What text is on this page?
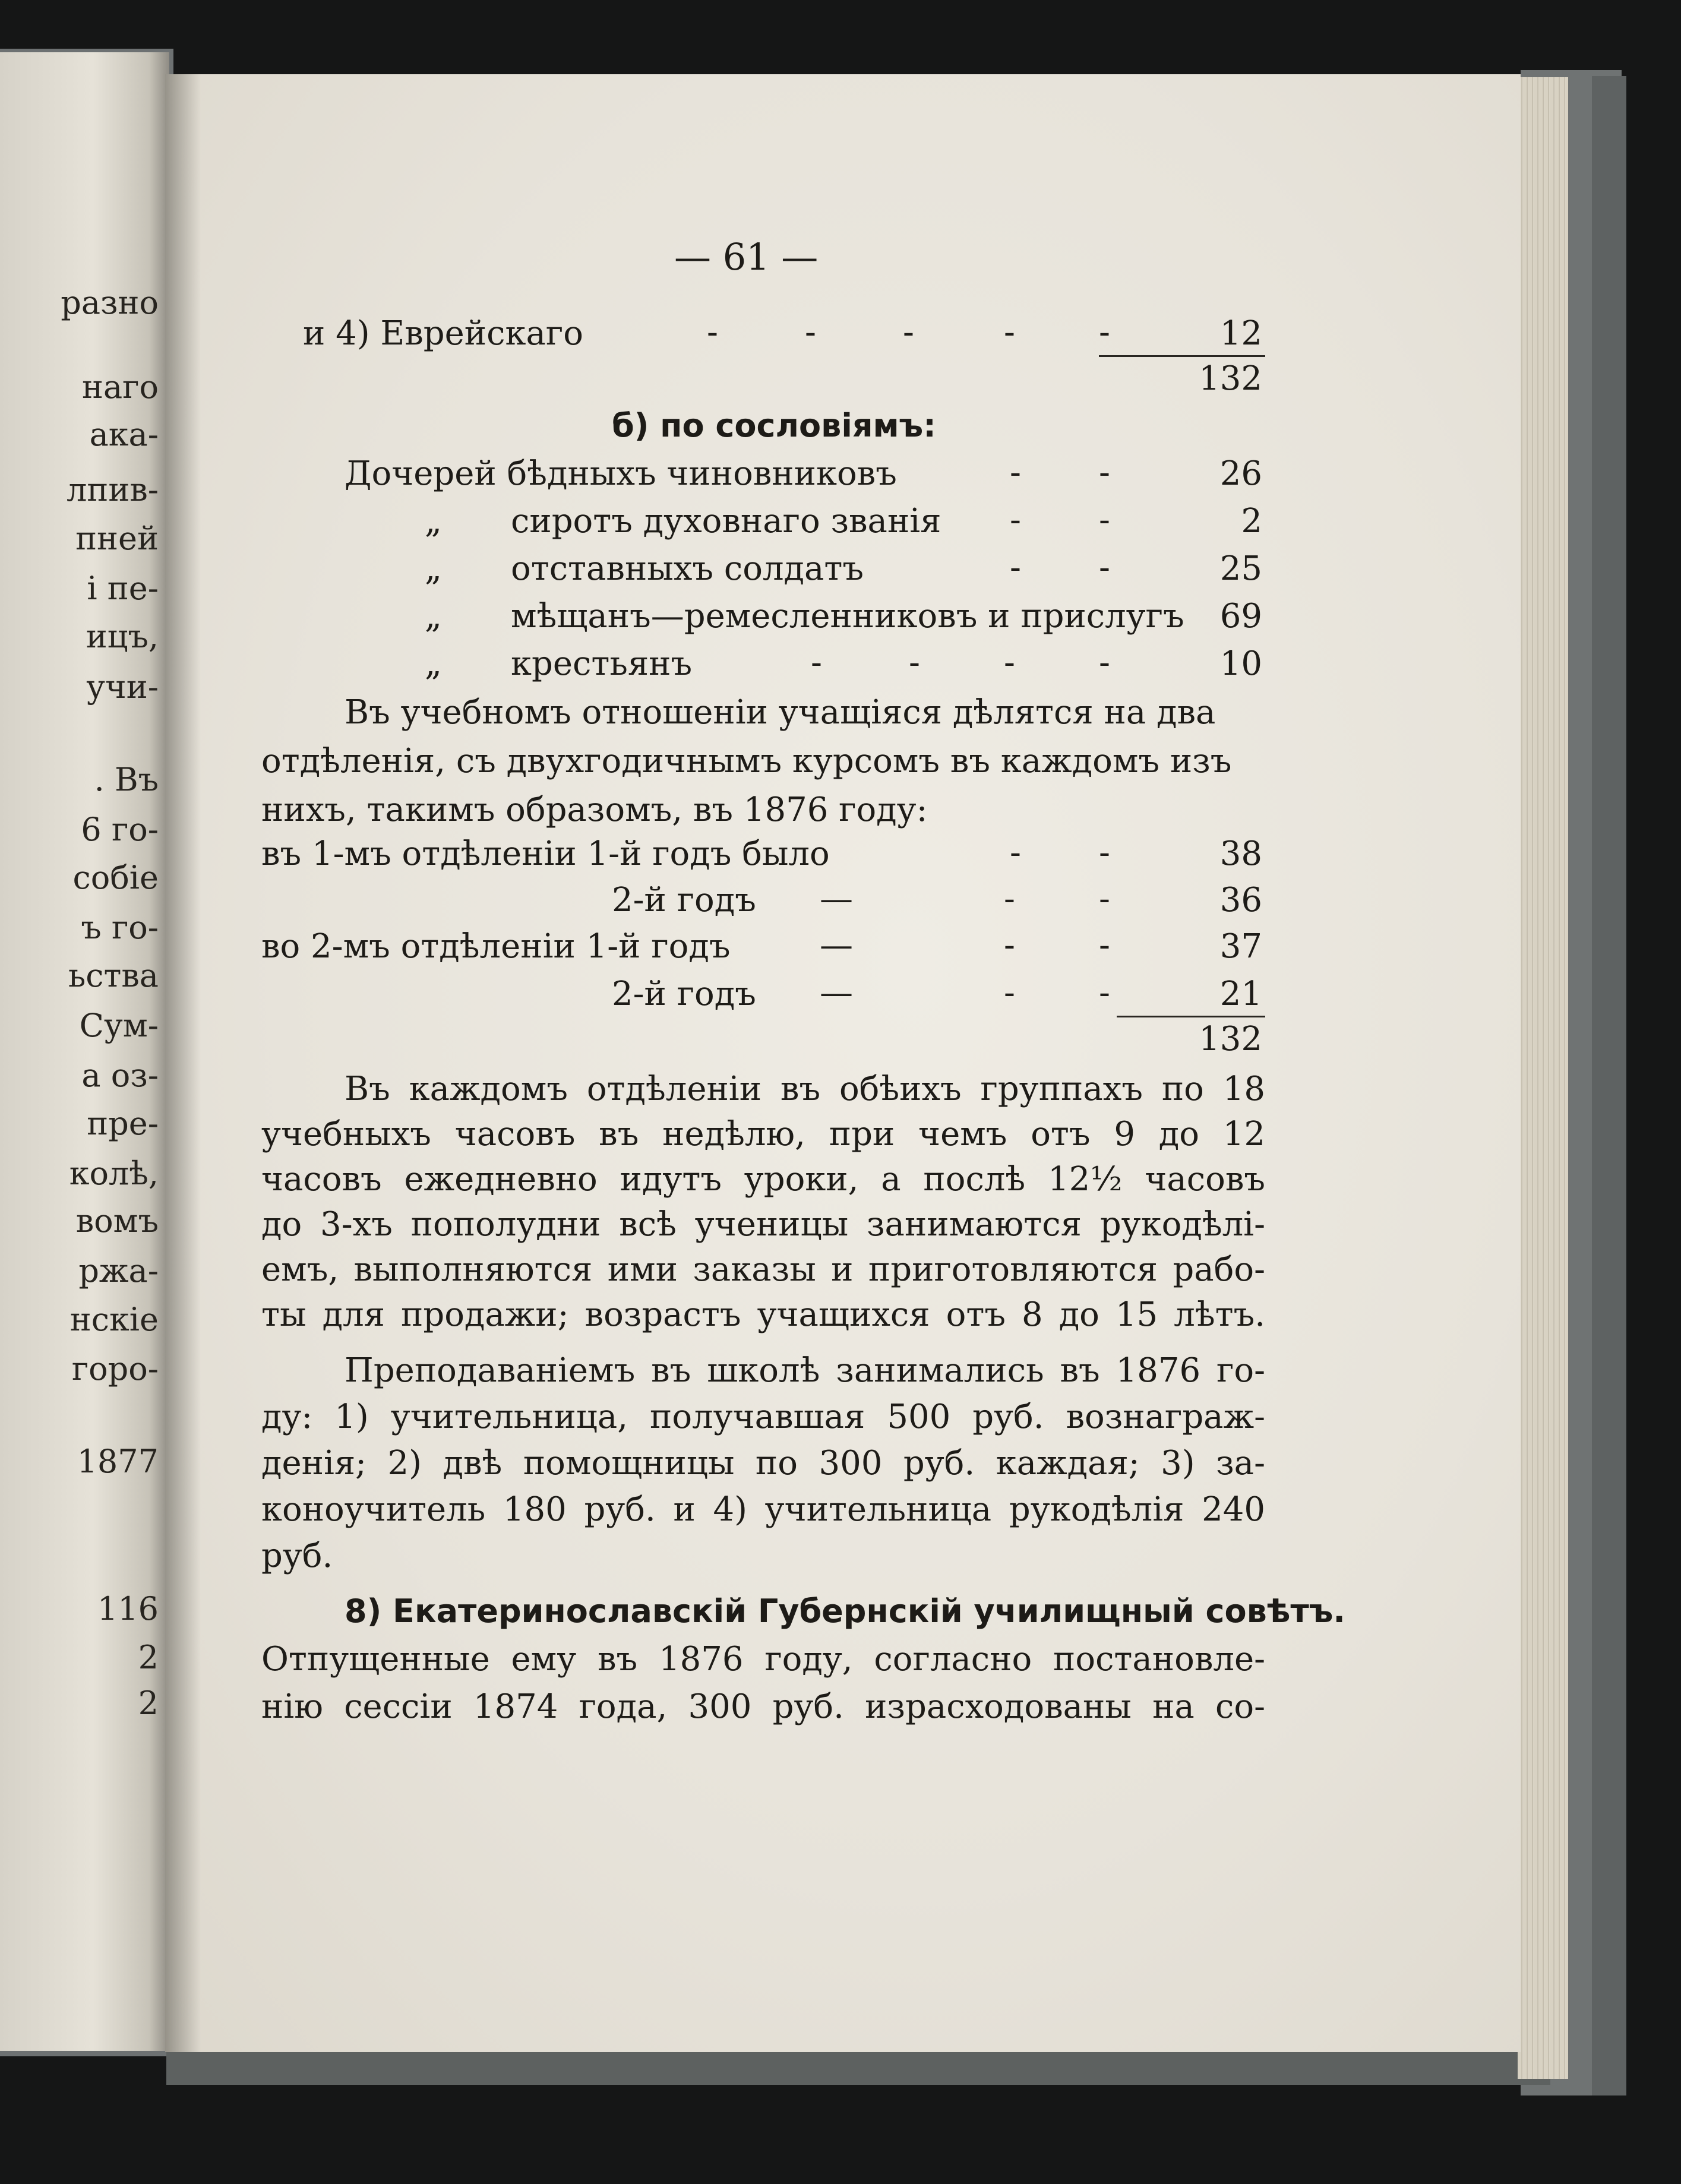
разно
наго
ака-
лпив-
пней
і пе-
ицъ,
учи-
. Въ
6 го-
собіе
ъ го-
ьства
Сум-
а оз-
пре-
колѣ,
вомъ
ржа-
нскіе
горо-
1877
116
2
2
— 61 —
и 4) Еврейскаго	-	-	-	-	-	12
132
б) по сословіямъ:
Дочерей бѣдныхъ чиновниковъ	- -	26
„ сиротъ духовнаго званія - -	2
„ отставныхъ солдатъ	- -	25
„ мѣщанъ—ремесленниковъ и прислугъ	69
„ крестьянъ	-	-	-	-	10
Въ учебномъ отношеніи учащіяся дѣлятся на два
отдѣленія, съ двухгодичнымъ курсомъ въ каждомъ изъ
нихъ, такимъ образомъ, въ 1876 году:
въ 1-мъ отдѣленіи 1-й годъ было	- -	38
2-й годъ —	-	-	36
во 2-мъ отдѣленіи 1-й годъ	—	-	-	37
2-й годъ —	-	-	21
132
Въ каждомъ отдѣленіи въ обѣихъ группахъ по 18
учебныхъ часовъ въ недѣлю, при чемъ отъ 9 до 12
часовъ ежедневно идутъ уроки, а послѣ 12½ часовъ
до 3-хъ пополудни всѣ ученицы занимаются рукодѣлі-
емъ, выполняются ими заказы и приготовляются рабо-
ты для продажи; возрастъ учащихся отъ 8 до 15 лѣтъ.
Преподаваніемъ въ школѣ занимались въ 1876 го-
ду: 1) учительница, получавшая 500 руб. вознаграж-
денія; 2) двѣ помощницы по 300 руб. каждая; 3) за-
коноучитель 180 руб. и 4) учительница рукодѣлія 240
руб.
8) Екатеринославскій Губернскій училищный совѣтъ.
Отпущенные ему въ 1876 году, согласно постановле-
нію сессіи 1874 года, 300 руб. израсходованы на со-
